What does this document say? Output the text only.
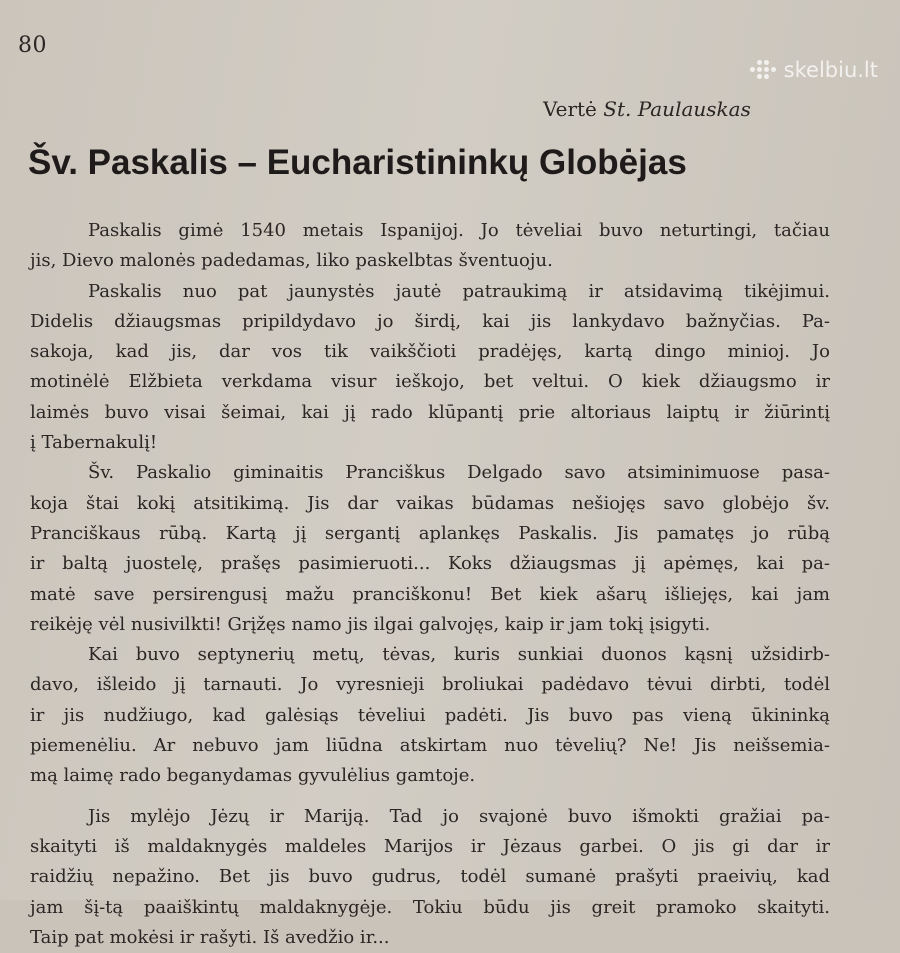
80
skelbiu.lt
Vertė St. Paulauskas
Šv. Paskalis – Eucharistininkų Globėjas
Paskalis gimė 1540 metais Ispanijoj. Jo tėveliai buvo neturtingi, tačiau
jis, Dievo malonės padedamas, liko paskelbtas šventuoju.
Paskalis nuo pat jaunystės jautė patraukimą ir atsidavimą tikėjimui.
Didelis džiaugsmas pripildydavo jo širdį, kai jis lankydavo bažnyčias. Pa-
sakoja, kad jis, dar vos tik vaikščioti pradėjęs, kartą dingo minioj. Jo
motinėlė Elžbieta verkdama visur ieškojo, bet veltui. O kiek džiaugsmo ir
laimės buvo visai šeimai, kai jį rado klūpantį prie altoriaus laiptų ir žiūrintį
į Tabernakulį!
Šv. Paskalio giminaitis Pranciškus Delgado savo atsiminimuose pasa-
koja štai kokį atsitikimą. Jis dar vaikas būdamas nešiojęs savo globėjo šv.
Pranciškaus rūbą. Kartą jį sergantį aplankęs Paskalis. Jis pamatęs jo rūbą
ir baltą juostelę, prašęs pasimieruoti... Koks džiaugsmas jį apėmęs, kai pa-
matė save persirengusį mažu pranciškonu! Bet kiek ašarų išliejęs, kai jam
reikėję vėl nusivilkti! Grįžęs namo jis ilgai galvojęs, kaip ir jam tokį įsigyti.
Kai buvo septynerių metų, tėvas, kuris sunkiai duonos kąsnį užsidirb-
davo, išleido jį tarnauti. Jo vyresnieji broliukai padėdavo tėvui dirbti, todėl
ir jis nudžiugo, kad galėsiąs tėveliui padėti. Jis buvo pas vieną ūkininką
piemenėliu. Ar nebuvo jam liūdna atskirtam nuo tėvelių? Ne! Jis neišsemia-
mą laimę rado beganydamas gyvulėlius gamtoje.
Jis mylėjo Jėzų ir Mariją. Tad jo svajonė buvo išmokti gražiai pa-
skaityti iš maldaknygės maldeles Marijos ir Jėzaus garbei. O jis gi dar ir
raidžių nepažino. Bet jis buvo gudrus, todėl sumanė prašyti praeivių, kad
jam šį-tą paaiškintų maldaknygėje. Tokiu būdu jis greit pramoko skaityti.
Taip pat mokėsi ir rašyti. Iš avedžio ir...
